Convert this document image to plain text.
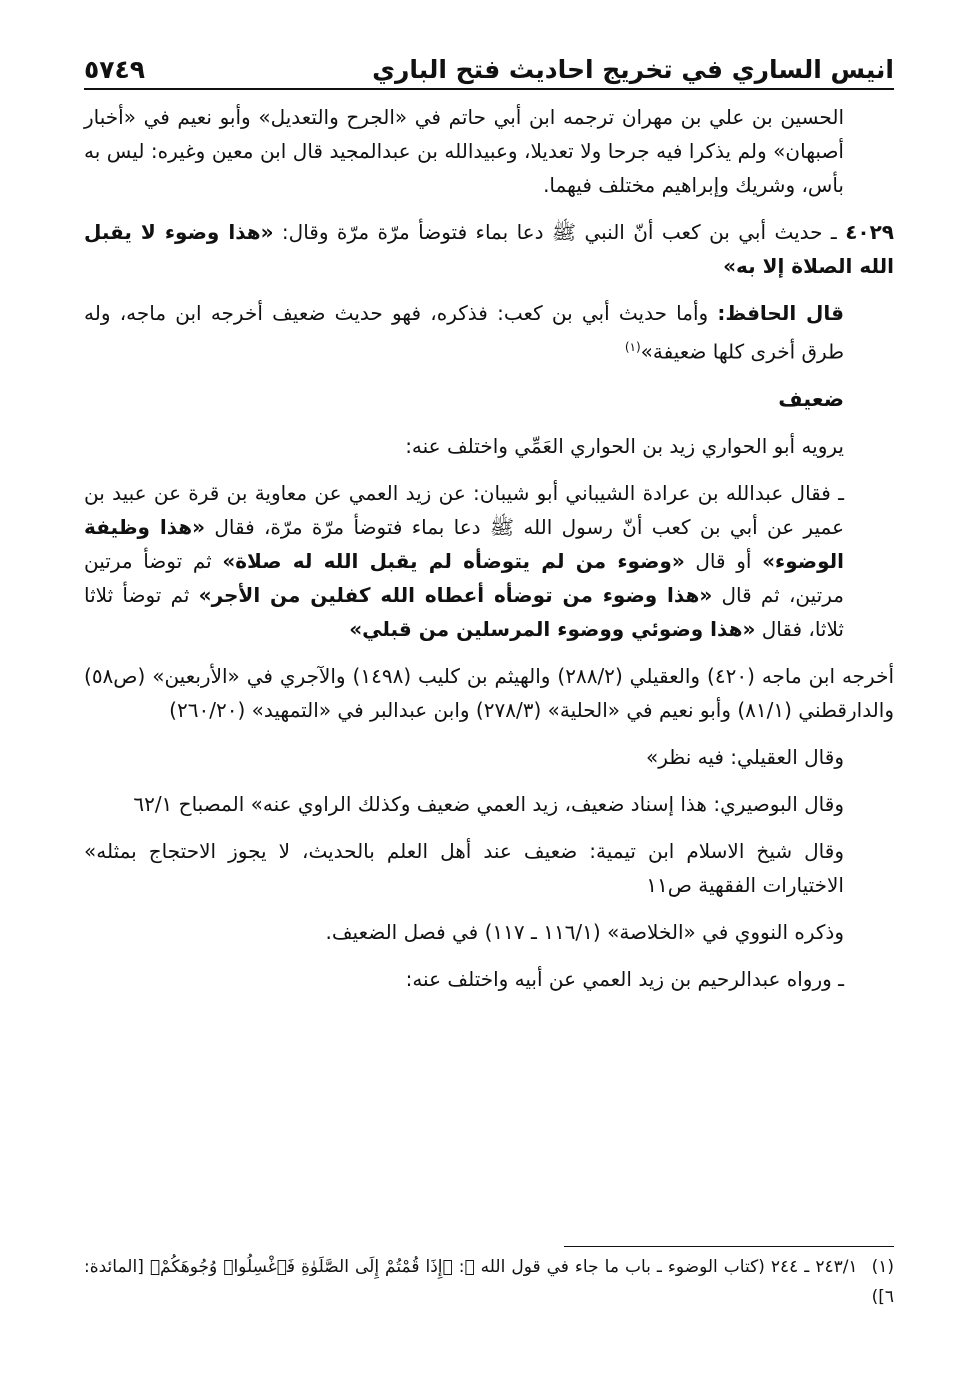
٥٧٤٩	انيس الساري في تخريج احاديث فتح الباري

الحسين بن علي بن مهران ترجمه ابن أبي حاتم في «الجرح والتعديل» وأبو نعيم في «أخبار أصبهان» ولم يذكرا فيه جرحا ولا تعديلا، وعبيدالله بن عبدالمجيد قال ابن معين وغيره: ليس به بأس، وشريك وإبراهيم مختلف فيهما.

٤٠٢٩ ـ حديث أبي بن كعب أنّ النبي ﷺ دعا بماء فتوضأ مرّة مرّة وقال: «هذا وضوء لا يقبل الله الصلاة إلا به»

قال الحافظ: وأما حديث أبي بن كعب: فذكره، فهو حديث ضعيف أخرجه ابن ماجه، وله طرق أخرى كلها ضعيفة»$^{(١)}$

ضعيف

يرويه أبو الحواري زيد بن الحواري العَمِّي واختلف عنه:

ـ فقال عبدالله بن عرادة الشيباني أبو شيبان: عن زيد العمي عن معاوية بن قرة عن عبيد بن عمير عن أبي بن كعب أنّ رسول الله ﷺ دعا بماء فتوضأ مرّة مرّة، فقال «هذا وظيفة الوضوء» أو قال «وضوء من لم يتوضأه لم يقبل الله له صلاة» ثم توضأ مرتين مرتين، ثم قال «هذا وضوء من توضأه أعطاه الله كفلين من الأجر» ثم توضأ ثلاثا ثلاثا، فقال «هذا وضوئي ووضوء المرسلين من قبلي»

أخرجه ابن ماجه (٤٢٠) والعقيلي (٢٨٨/٢) والهيثم بن كليب (١٤٩٨) والآجري في «الأربعين» (ص٥٨) والدارقطني (٨١/١) وأبو نعيم في «الحلية» (٢٧٨/٣) وابن عبدالبر في «التمهيد» (٢٦٠/٢٠)

وقال العقيلي: فيه نظر»

وقال البوصيري: هذا إسناد ضعيف، زيد العمي ضعيف وكذلك الراوي عنه» المصباح ٦٢/١

وقال شيخ الاسلام ابن تيمية: ضعيف عند أهل العلم بالحديث، لا يجوز الاحتجاج بمثله» الاختيارات الفقهية ص١١

وذكره النووي في «الخلاصة» (١١٦/١ ـ ١١٧) في فصل الضعيف.

ـ ورواه عبدالرحيم بن زيد العمي عن أبيه واختلف عنه:

(١)٢٤٣/١ ـ ٢٤٤ (كتاب الوضوء ـ باب ما جاء في قول الله ﷻ: ﴿إِذَا قُمْتُمْ إِلَى الصَّلَوٰةِ فَٱغْسِلُوا۟ وُجُوهَكُمْ﴾ [المائدة: ٦])
